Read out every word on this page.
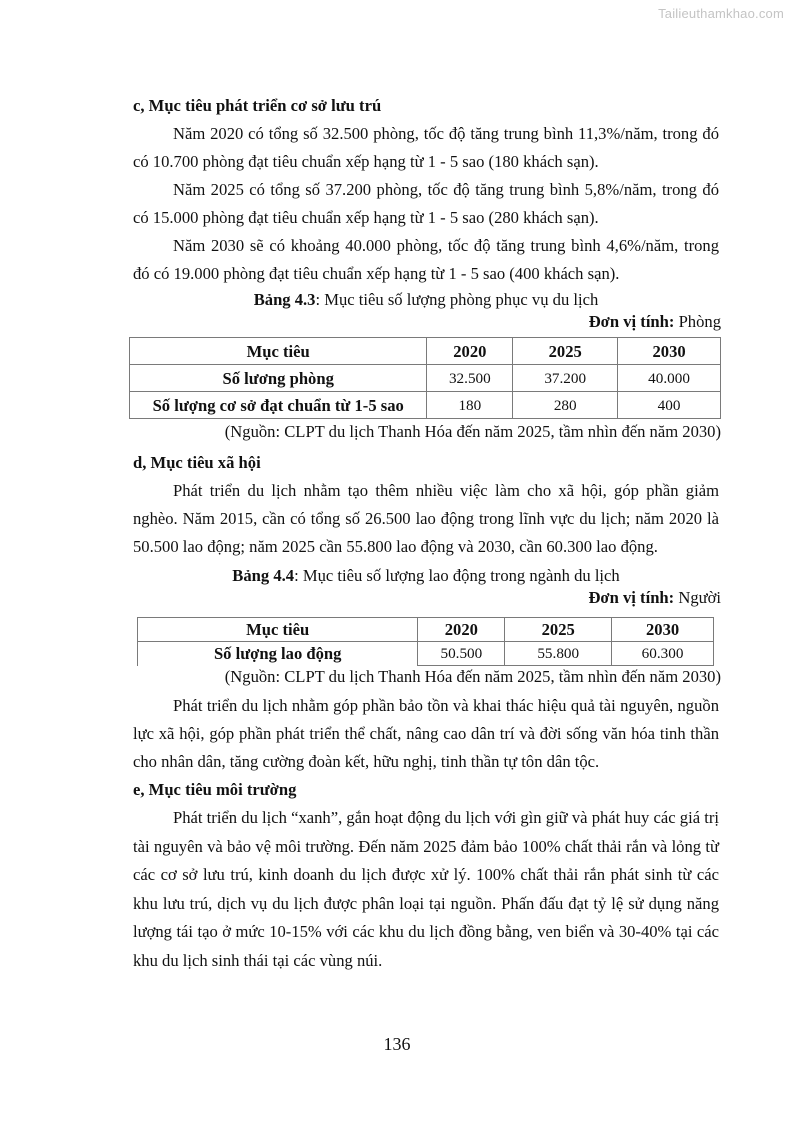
Tailieuthamkhao.com

c, Mục tiêu phát triển cơ sở lưu trú

Năm 2020 có tổng số 32.500 phòng, tốc độ tăng trung bình 11,3%/năm, trong đó có 10.700 phòng đạt tiêu chuẩn xếp hạng từ 1 - 5 sao (180 khách sạn).

Năm 2025 có tổng số 37.200 phòng, tốc độ tăng trung bình 5,8%/năm, trong đó có 15.000 phòng đạt tiêu chuẩn xếp hạng từ 1 - 5 sao (280 khách sạn).

Năm 2030 sẽ có khoảng 40.000 phòng, tốc độ tăng trung bình 4,6%/năm, trong đó có 19.000 phòng đạt tiêu chuẩn xếp hạng từ 1 - 5 sao (400 khách sạn).

Bảng 4.3: Mục tiêu số lượng phòng phục vụ du lịch

Đơn vị tính: Phòng

Mục tiêu	2020	2025	2030
Số lương phòng	32.500	37.200	40.000
Số lượng cơ sở đạt chuẩn từ 1-5 sao	180	280	400

(Nguồn: CLPT du lịch Thanh Hóa đến năm 2025, tầm nhìn đến năm 2030)

d, Mục tiêu xã hội

Phát triển du lịch nhằm tạo thêm nhiều việc làm cho xã hội, góp phần giảm nghèo. Năm 2015, cần có tổng số 26.500 lao động trong lĩnh vực du lịch; năm 2020 là 50.500 lao động; năm 2025 cần 55.800 lao động và 2030, cần 60.300 lao động.

Bảng 4.4: Mục tiêu số lượng lao động trong ngành du lịch

Đơn vị tính: Người

Mục tiêu	2020	2025	2030
Số lượng lao động	50.500	55.800	60.300

(Nguồn: CLPT du lịch Thanh Hóa đến năm 2025, tầm nhìn đến năm 2030)

Phát triển du lịch nhằm góp phần bảo tồn và khai thác hiệu quả tài nguyên, nguồn lực xã hội, góp phần phát triển thể chất, nâng cao dân trí và đời sống văn hóa tinh thần cho nhân dân, tăng cường đoàn kết, hữu nghị, tinh thần tự tôn dân tộc.

e, Mục tiêu môi trường

Phát triển du lịch “xanh”, gắn hoạt động du lịch với gìn giữ và phát huy các giá trị tài nguyên và bảo vệ môi trường. Đến năm 2025 đảm bảo 100% chất thải rắn và lỏng từ các cơ sở lưu trú, kinh doanh du lịch được xử lý. 100% chất thải rắn phát sinh từ các khu lưu trú, dịch vụ du lịch được phân loại tại nguồn. Phấn đấu đạt tỷ lệ sử dụng năng lượng tái tạo ở mức 10-15% với các khu du lịch đồng bằng, ven biển và 30-40% tại các khu du lịch sinh thái tại các vùng núi.

136
